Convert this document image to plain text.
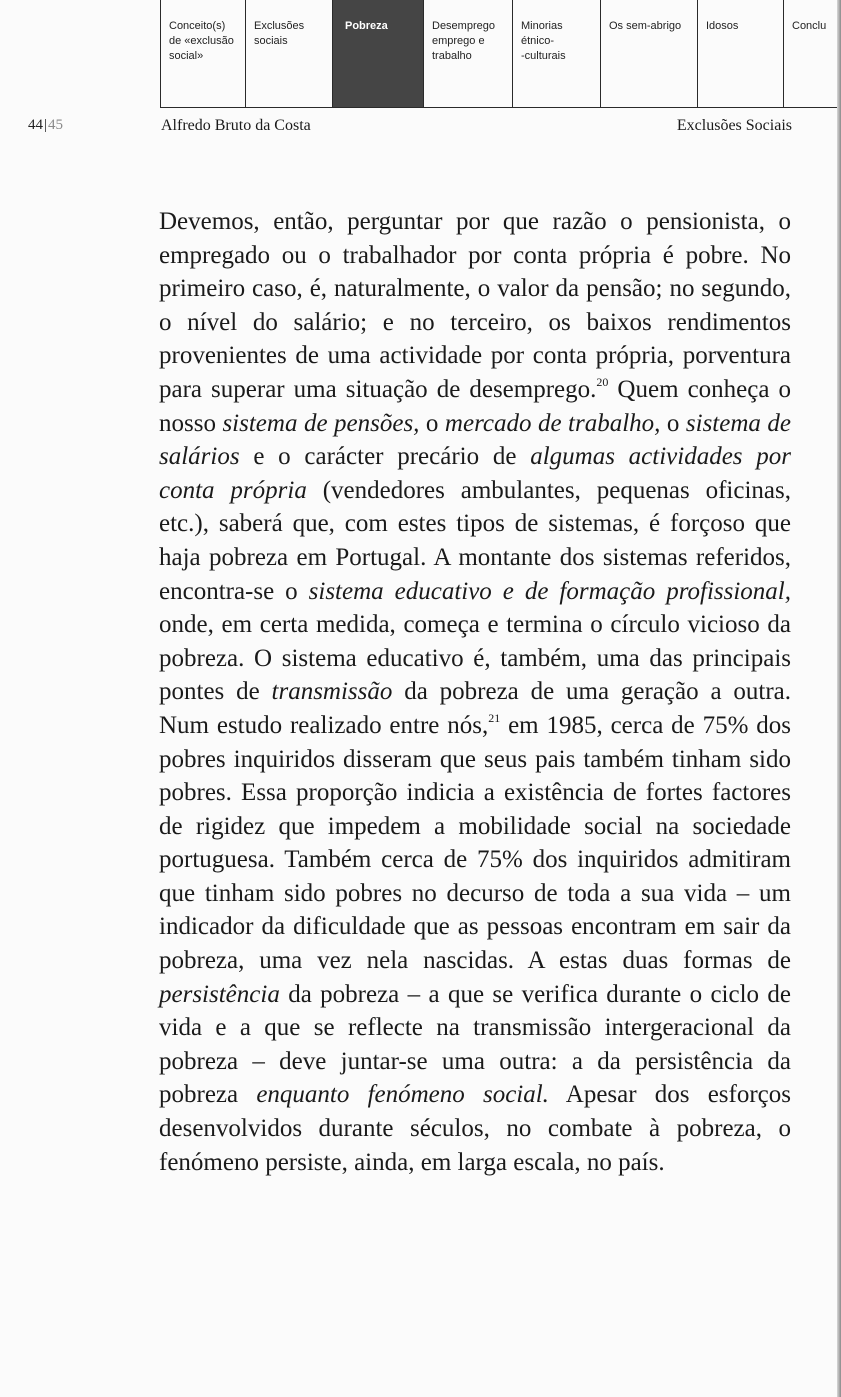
Conceito(s)
de «exclusão
social»
Exclusões
sociais
Pobreza	Desemprego
emprego e
trabalho
Minorias
étnico-
-culturais
Os sem-abrigo	Idosos	Conclu
44|45	Alfredo Bruto da Costa	Exclusões Sociais

Devemos, então, perguntar por que razão o pensionista, o empregado ou o trabalhador por conta própria é pobre. No primeiro caso, é, naturalmente, o valor da pensão; no segundo, o nível do salário; e no terceiro, os baixos rendimentos provenientes de uma actividade por conta própria, porventura para superar uma situação de desemprego.$^{20}$ Quem conheça o nosso sistema de pensões, o mercado de trabalho, o sistema de salários e o carácter precário de algumas actividades por conta própria (vendedores ambulantes, pequenas oficinas, etc.), saberá que, com estes tipos de sistemas, é forçoso que haja pobreza em Portugal. A montante dos sistemas referidos, encontra-se o sistema educativo e de formação profissional, onde, em certa medida, começa e termina o círculo vicioso da pobreza. O sistema educativo é, também, uma das principais pontes de transmissão da pobreza de uma geração a outra. Num estudo realizado entre nós,$^{21}$ em 1985, cerca de 75% dos pobres inquiridos disseram que seus pais também tinham sido pobres. Essa proporção indicia a existência de fortes factores de rigidez que impedem a mobilidade social na sociedade portuguesa. Também cerca de 75% dos inquiridos admitiram que tinham sido pobres no decurso de toda a sua vida – um indicador da dificuldade que as pessoas encontram em sair da pobreza, uma vez nela nascidas. A estas duas formas de persistência da pobreza – a que se verifica durante o ciclo de vida e a que se reflecte na transmissão intergeracional da pobreza – deve juntar-se uma outra: a da persistência da pobreza enquanto fenómeno social. Apesar dos esforços desenvolvidos durante séculos, no combate à pobreza, o fenómeno persiste, ainda, em larga escala, no país.
